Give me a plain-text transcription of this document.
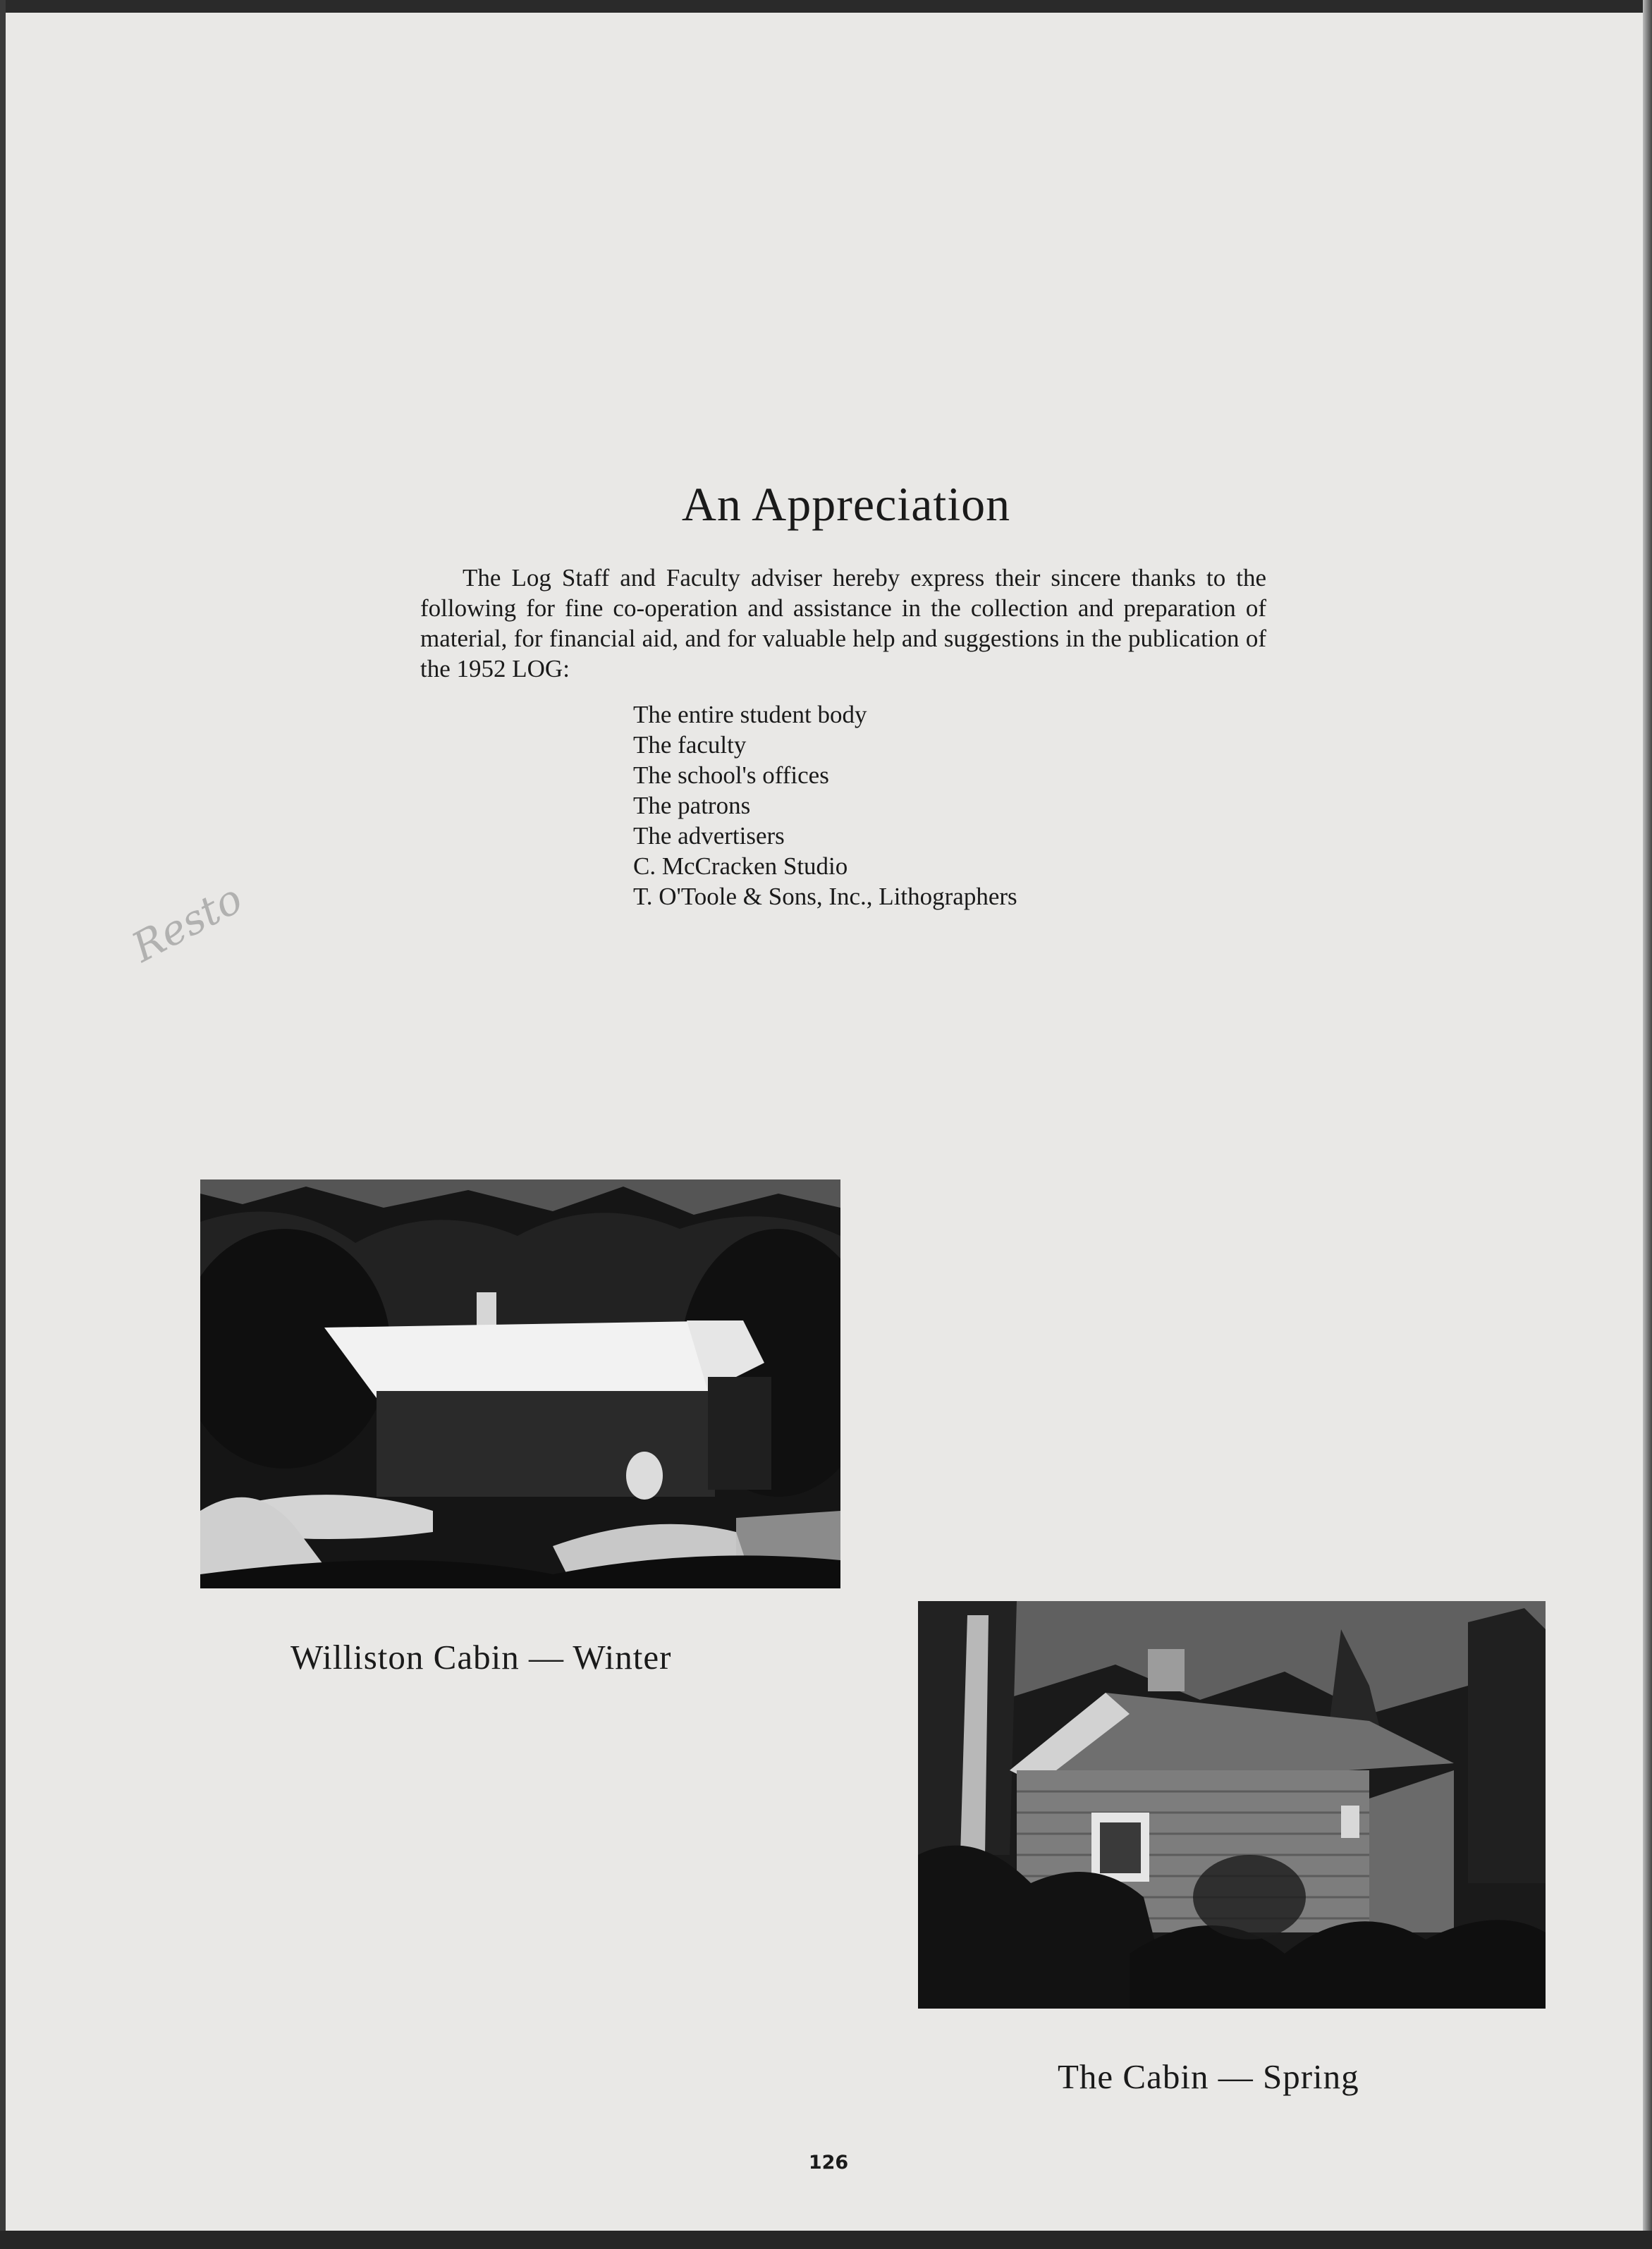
An Appreciation

The Log Staff and Faculty adviser hereby express their sincere thanks to the following for fine co-operation and assistance in the collection and preparation of material, for financial aid, and for valuable help and suggestions in the publication of the 1952 LOG:

The entire student body
The faculty
The school's offices
The patrons
The advertisers
C. McCracken Studio
T. O'Toole & Sons, Inc., Lithographers
Resto

Williston Cabin — Winter

The Cabin — Spring

126
